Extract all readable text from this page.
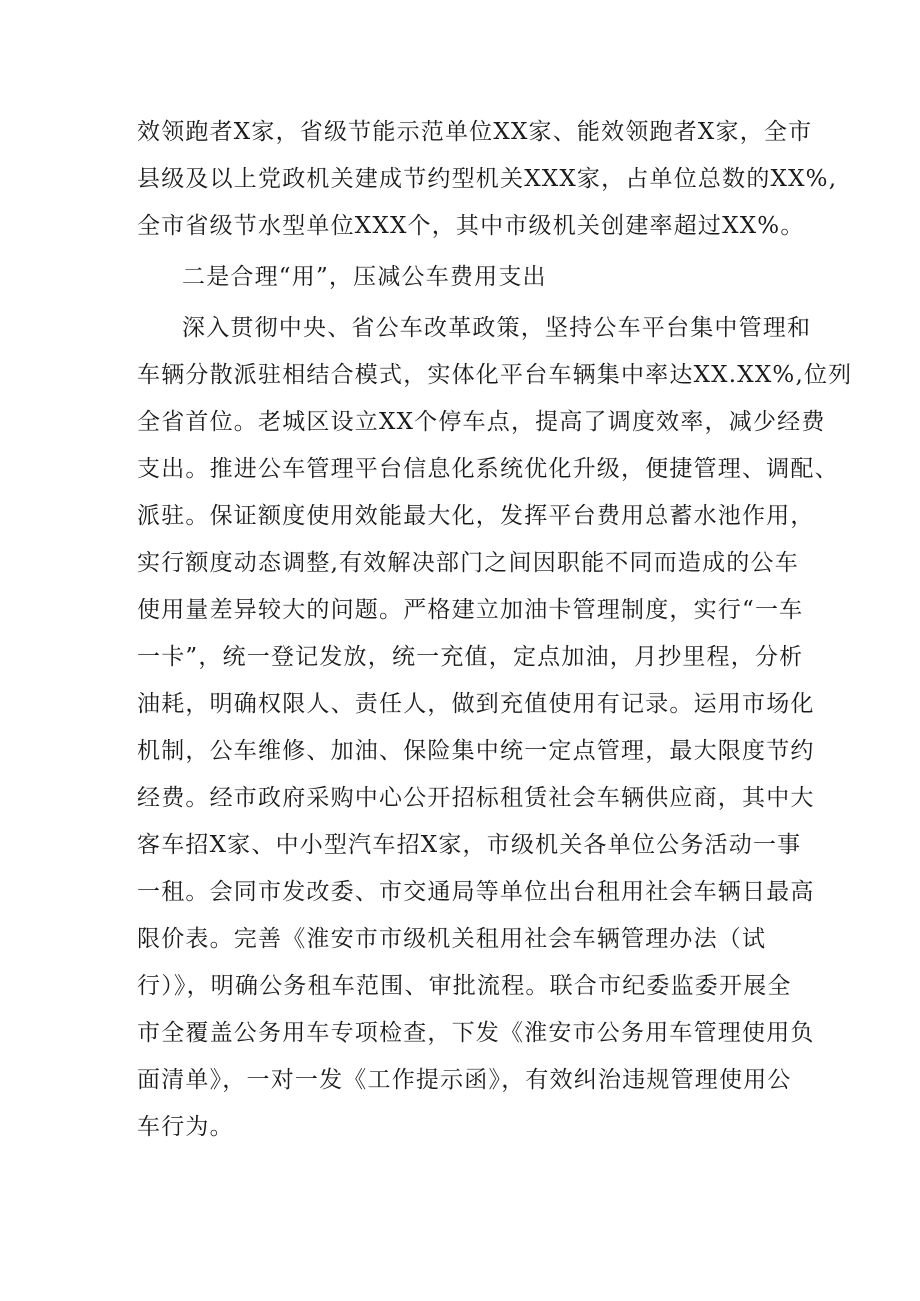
效领跑者X家，省级节能示范单位XX家、能效领跑者X家，全市
县级及以上党政机关建成节约型机关XXX家，占单位总数的XX%,
全市省级节水型单位XXX个，其中市级机关创建率超过XX%。
二是合理“用”，压减公车费用支出
深入贯彻中央、省公车改革政策，坚持公车平台集中管理和
车辆分散派驻相结合模式，实体化平台车辆集中率达XX.XX%,位列
全省首位。老城区设立XX个停车点，提高了调度效率，减少经费
支出。推进公车管理平台信息化系统优化升级，便捷管理、调配、
派驻。保证额度使用效能最大化，发挥平台费用总蓄水池作用，
实行额度动态调整,有效解决部门之间因职能不同而造成的公车
使用量差异较大的问题。严格建立加油卡管理制度，实行“一车
一卡”，统一登记发放，统一充值，定点加油，月抄里程，分析
油耗，明确权限人、责任人，做到充值使用有记录。运用市场化
机制，公车维修、加油、保险集中统一定点管理，最大限度节约
经费。经市政府采购中心公开招标租赁社会车辆供应商，其中大
客车招X家、中小型汽车招X家，市级机关各单位公务活动一事
一租。会同市发改委、市交通局等单位出台租用社会车辆日最高
限价表。完善《淮安市市级机关租用社会车辆管理办法（试
行）》，明确公务租车范围、审批流程。联合市纪委监委开展全
市全覆盖公务用车专项检查，下发《淮安市公务用车管理使用负
面清单》，一对一发《工作提示函》，有效纠治违规管理使用公
车行为。
